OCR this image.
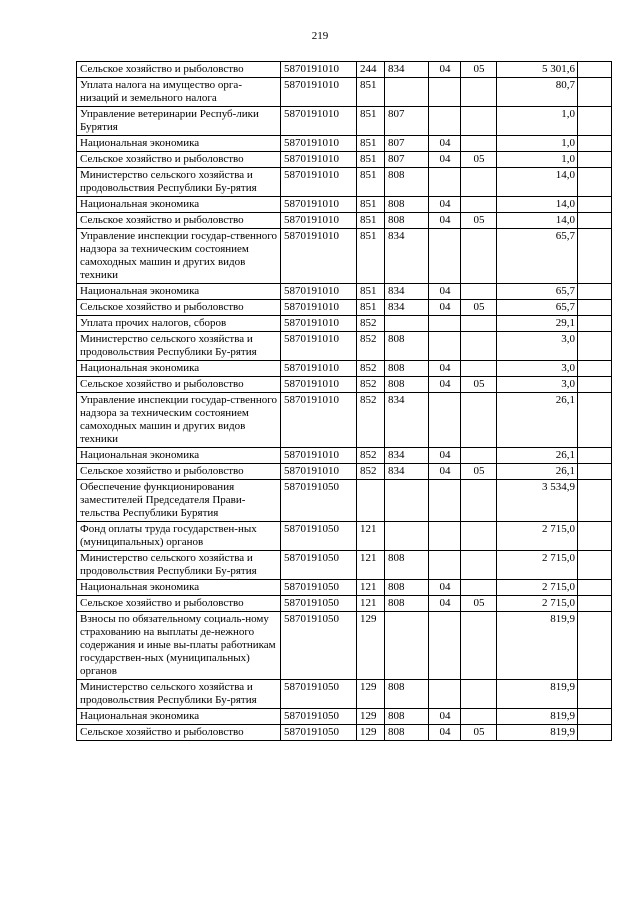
219
Сельское хозяйство и рыболовство	5870191010	244	834	04	05	5 301,6	
Уплата налога на имущество орга-низаций и земельного налога	5870191010	851				80,7	
Управление ветеринарии Респуб-лики Бурятия	5870191010	851	807			1,0	
Национальная экономика	5870191010	851	807	04		1,0	
Сельское хозяйство и рыболовство	5870191010	851	807	04	05	1,0	
Министерство сельского хозяйства и продовольствия Республики Бу-рятия	5870191010	851	808			14,0	
Национальная экономика	5870191010	851	808	04		14,0	
Сельское хозяйство и рыболовство	5870191010	851	808	04	05	14,0	
Управление инспекции государ-ственного надзора за техническим состоянием самоходных машин и других видов техники	5870191010	851	834			65,7	
Национальная экономика	5870191010	851	834	04		65,7	
Сельское хозяйство и рыболовство	5870191010	851	834	04	05	65,7	
Уплата прочих налогов, сборов	5870191010	852				29,1	
Министерство сельского хозяйства и продовольствия Республики Бу-рятия	5870191010	852	808			3,0	
Национальная экономика	5870191010	852	808	04		3,0	
Сельское хозяйство и рыболовство	5870191010	852	808	04	05	3,0	
Управление инспекции государ-ственного надзора за техническим состоянием самоходных машин и других видов техники	5870191010	852	834			26,1	
Национальная экономика	5870191010	852	834	04		26,1	
Сельское хозяйство и рыболовство	5870191010	852	834	04	05	26,1	
Обеспечение функционирования заместителей Председателя Прави-тельства Республики Бурятия	5870191050					3 534,9	
Фонд оплаты труда государствен-ных (муниципальных) органов	5870191050	121				2 715,0	
Министерство сельского хозяйства и продовольствия Республики Бу-рятия	5870191050	121	808			2 715,0	
Национальная экономика	5870191050	121	808	04		2 715,0	
Сельское хозяйство и рыболовство	5870191050	121	808	04	05	2 715,0	
Взносы по обязательному социаль-ному страхованию на выплаты де-нежного содержания и иные вы-платы работникам государствен-ных (муниципальных) органов	5870191050	129				819,9	
Министерство сельского хозяйства и продовольствия Республики Бу-рятия	5870191050	129	808			819,9	
Национальная экономика	5870191050	129	808	04		819,9	
Сельское хозяйство и рыболовство	5870191050	129	808	04	05	819,9	
